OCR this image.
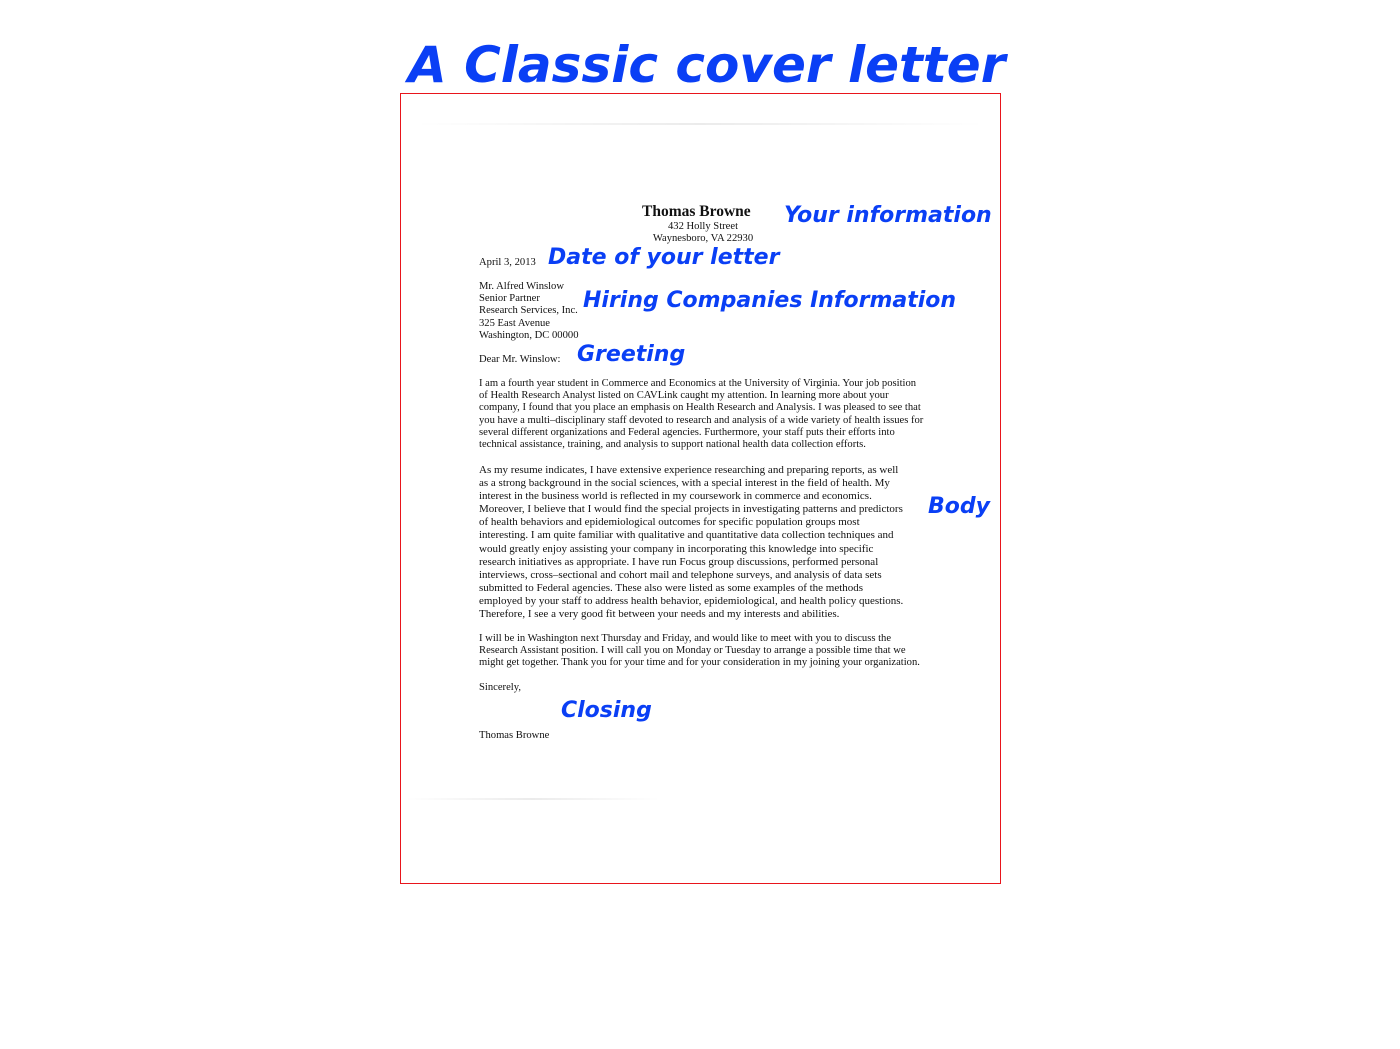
A Classic cover letter
Thomas Browne
432 Holly Street
Waynesboro, VA 22930
April 3, 2013
Mr. Alfred Winslow
Senior Partner
Research Services, Inc.
325 East Avenue
Washington, DC 00000
Dear Mr. Winslow:
I am a fourth year student in Commerce and Economics at the University of Virginia. Your job position
of Health Research Analyst listed on CAVLink caught my attention. In learning more about your
company, I found that you place an emphasis on Health Research and Analysis. I was pleased to see that
you have a multi–disciplinary staff devoted to research and analysis of a wide variety of health issues for
several different organizations and Federal agencies. Furthermore, your staff puts their efforts into
technical assistance, training, and analysis to support national health data collection efforts.
As my resume indicates, I have extensive experience researching and preparing reports, as well
as a strong background in the social sciences, with a special interest in the field of health. My
interest in the business world is reflected in my coursework in commerce and economics.
Moreover, I believe that I would find the special projects in investigating patterns and predictors
of health behaviors and epidemiological outcomes for specific population groups most
interesting. I am quite familiar with qualitative and quantitative data collection techniques and
would greatly enjoy assisting your company in incorporating this knowledge into specific
research initiatives as appropriate. I have run Focus group discussions, performed personal
interviews, cross–sectional and cohort mail and telephone surveys, and analysis of data sets
submitted to Federal agencies. These also were listed as some examples of the methods
employed by your staff to address health behavior, epidemiological, and health policy questions.
Therefore, I see a very good fit between your needs and my interests and abilities.
I will be in Washington next Thursday and Friday, and would like to meet with you to discuss the
Research Assistant position. I will call you on Monday or Tuesday to arrange a possible time that we
might get together. Thank you for your time and for your consideration in my joining your organization.
Sincerely,
Thomas Browne
Your information
Date of your letter
Hiring Companies Information
Greeting
Body
Closing
